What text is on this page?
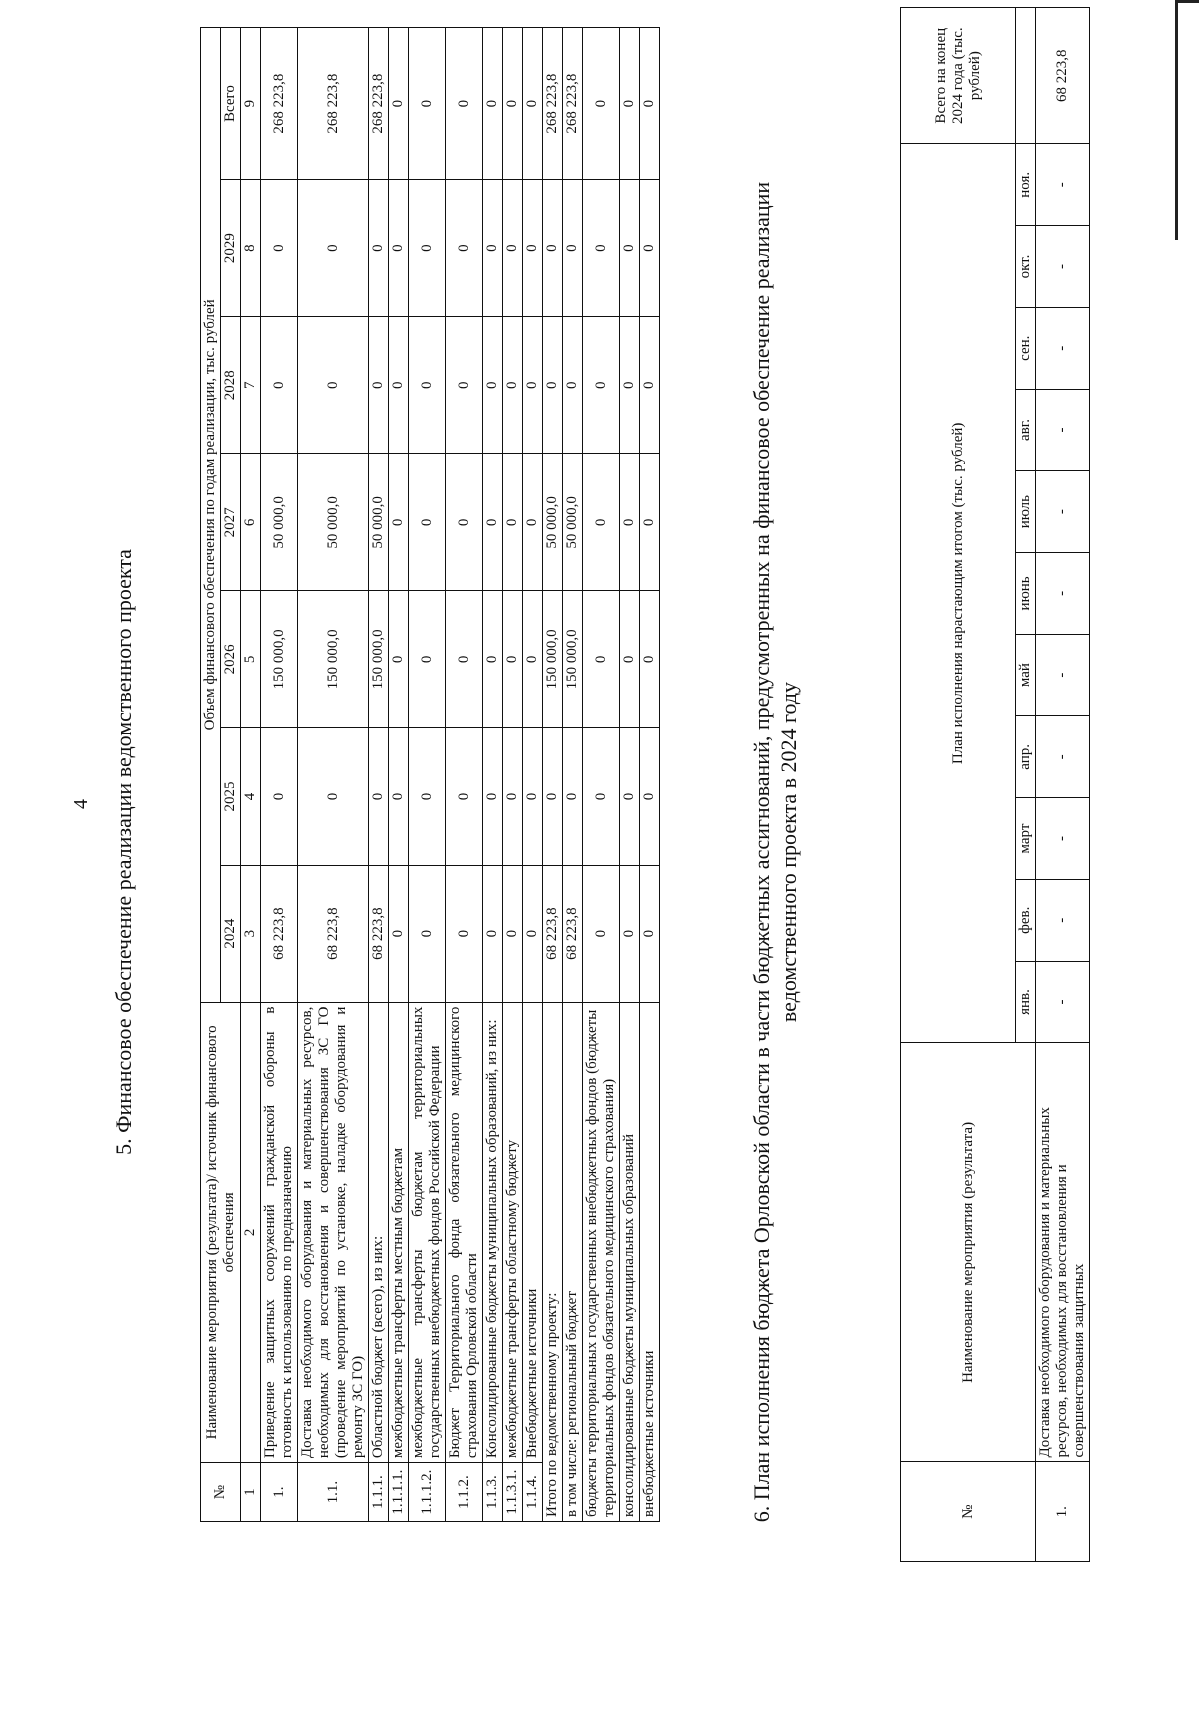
4 5. Финансовое обеспечение реализации ведомственного проекта
№	Наименование мероприятия (результата)/ источник финансового обеспечения	Объем финансового обеспечения по годам реализации, тыс. рублей						
		2024	2025	2026	2027	2028	2029	Всего
1	2	3	4	5	6	7	8	9
1.	Приведение защитных сооружений гражданской обороны в готовность к использованию по предназначению	68 223,8	0	150 000,0	50 000,0	0	0	268 223,8
1.1.	Доставка необходимого оборудования и материальных ресурсов, необходимых для восстановления и совершенствования ЗС ГО (проведение мероприятий по установке, наладке оборудования и ремонту ЗС ГО)	68 223,8	0	150 000,0	50 000,0	0	0	268 223,8
1.1.1.	Областной бюджет (всего), из них:	68 223,8	0	150 000,0	50 000,0	0	0	268 223,8
1.1.1.1.	межбюджетные трансферты местным бюджетам	0	0	0	0	0	0	0
1.1.1.2.	межбюджетные трансферты бюджетам территориальных государственных внебюджетных фондов Российской Федерации	0	0	0	0	0	0	0
1.1.2.	Бюджет Территориального фонда обязательного медицинского страхования Орловской области	0	0	0	0	0	0	0
1.1.3.	Консолидированные бюджеты муниципальных образований, из них:	0	0	0	0	0	0	0
1.1.3.1.	межбюджетные трансферты областному бюджету	0	0	0	0	0	0	0
1.1.4.	Внебюджетные источники	0	0	0	0	0	0	0
Итого по ведомственному проекту:		68 223,8	0	150 000,0	50 000,0	0	0	268 223,8
в том числе: региональный бюджет		68 223,8	0	150 000,0	50 000,0	0	0	268 223,8
бюджеты территориальных государственных внебюджетных фондов (бюджеты территориальных фондов обязательного медицинского страхования)		0	0	0	0	0	0	0
консолидированные бюджеты муниципальных образований		0	0	0	0	0	0	0
внебюджетные источники		0	0	0	0	0	0	0
6. План исполнения бюджета Орловской области в части бюджетных ассигнований, предусмотренных на финансовое обеспечение реализации ведомственного проекта в 2024 году
№	Наименование мероприятия (результата)	План исполнения нарастающим итогом (тыс. рублей)											Всего на конец 2024 года (тыс. рублей)
		янв.	фев.	март	апр.	май	июнь	июль	авг.	сен.	окт.	ноя.	
1.	Доставка необходимого оборудования и материальных ресурсов, необходимых для восстановления и совершенствования защитных	-	-	-	-	-	-	-	-	-	-	-	68 223,8
